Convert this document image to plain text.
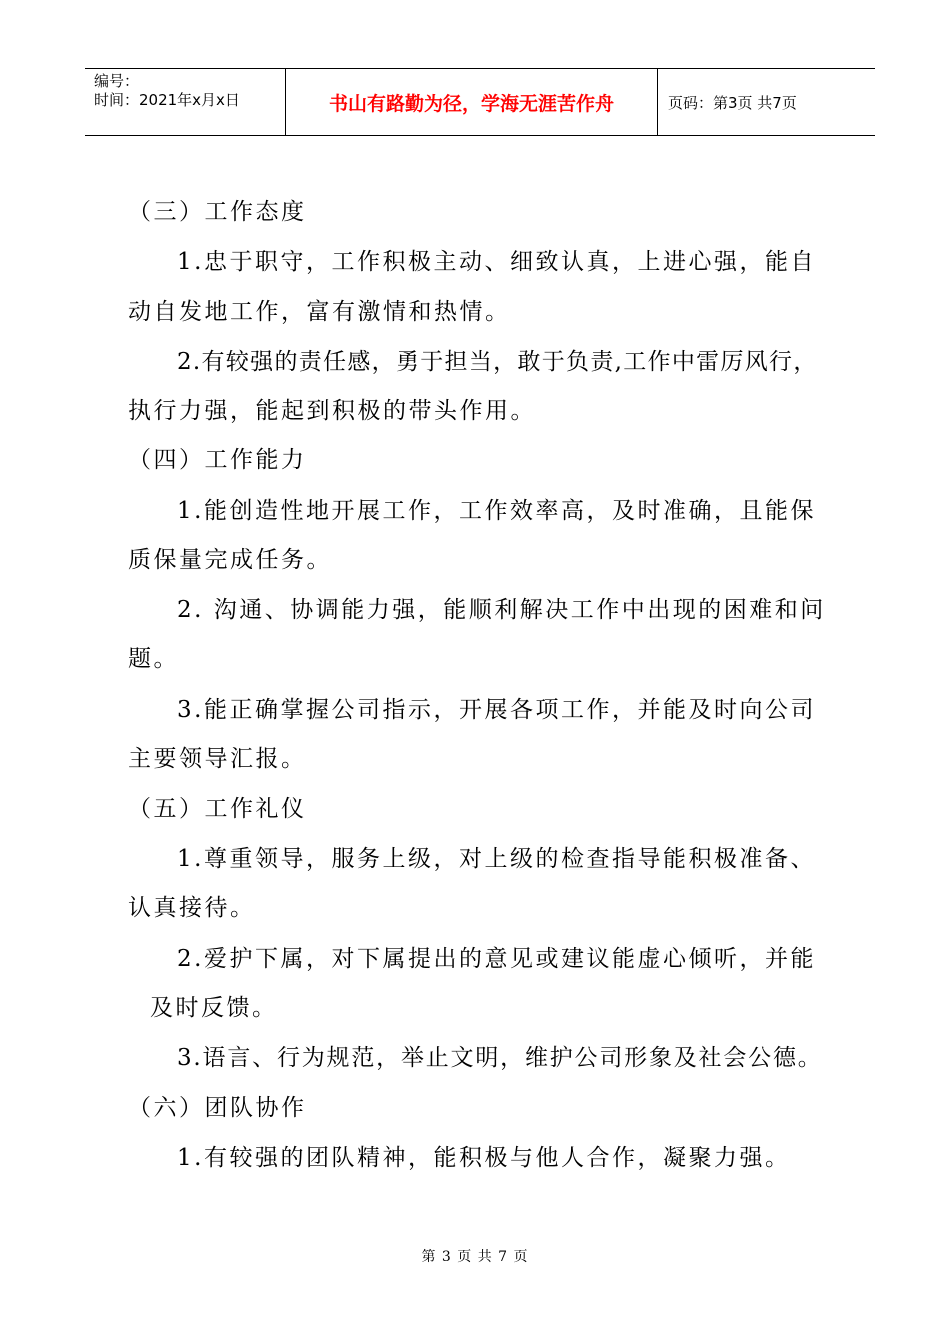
编号：
时间：2021年x月x日	书山有路勤为径，学海无涯苦作舟	页码：第3页 共7页
（三）工作态度
1.忠于职守，工作积极主动、细致认真，上进心强，能自
动自发地工作，富有激情和热情。
2.有较强的责任感，勇于担当，敢于负责,工作中雷厉风行，
执行力强，能起到积极的带头作用。
（四）工作能力
1.能创造性地开展工作，工作效率高，及时准确，且能保
质保量完成任务。
2. 沟通、协调能力强，能顺利解决工作中出现的困难和问
题。
3.能正确掌握公司指示，开展各项工作，并能及时向公司
主要领导汇报。
（五）工作礼仪
1.尊重领导，服务上级，对上级的检查指导能积极准备、
认真接待。
2.爱护下属，对下属提出的意见或建议能虚心倾听，并能
及时反馈。
3.语言、行为规范，举止文明，维护公司形象及社会公德。
（六）团队协作
1.有较强的团队精神，能积极与他人合作，凝聚力强。
第 3 页 共 7 页
